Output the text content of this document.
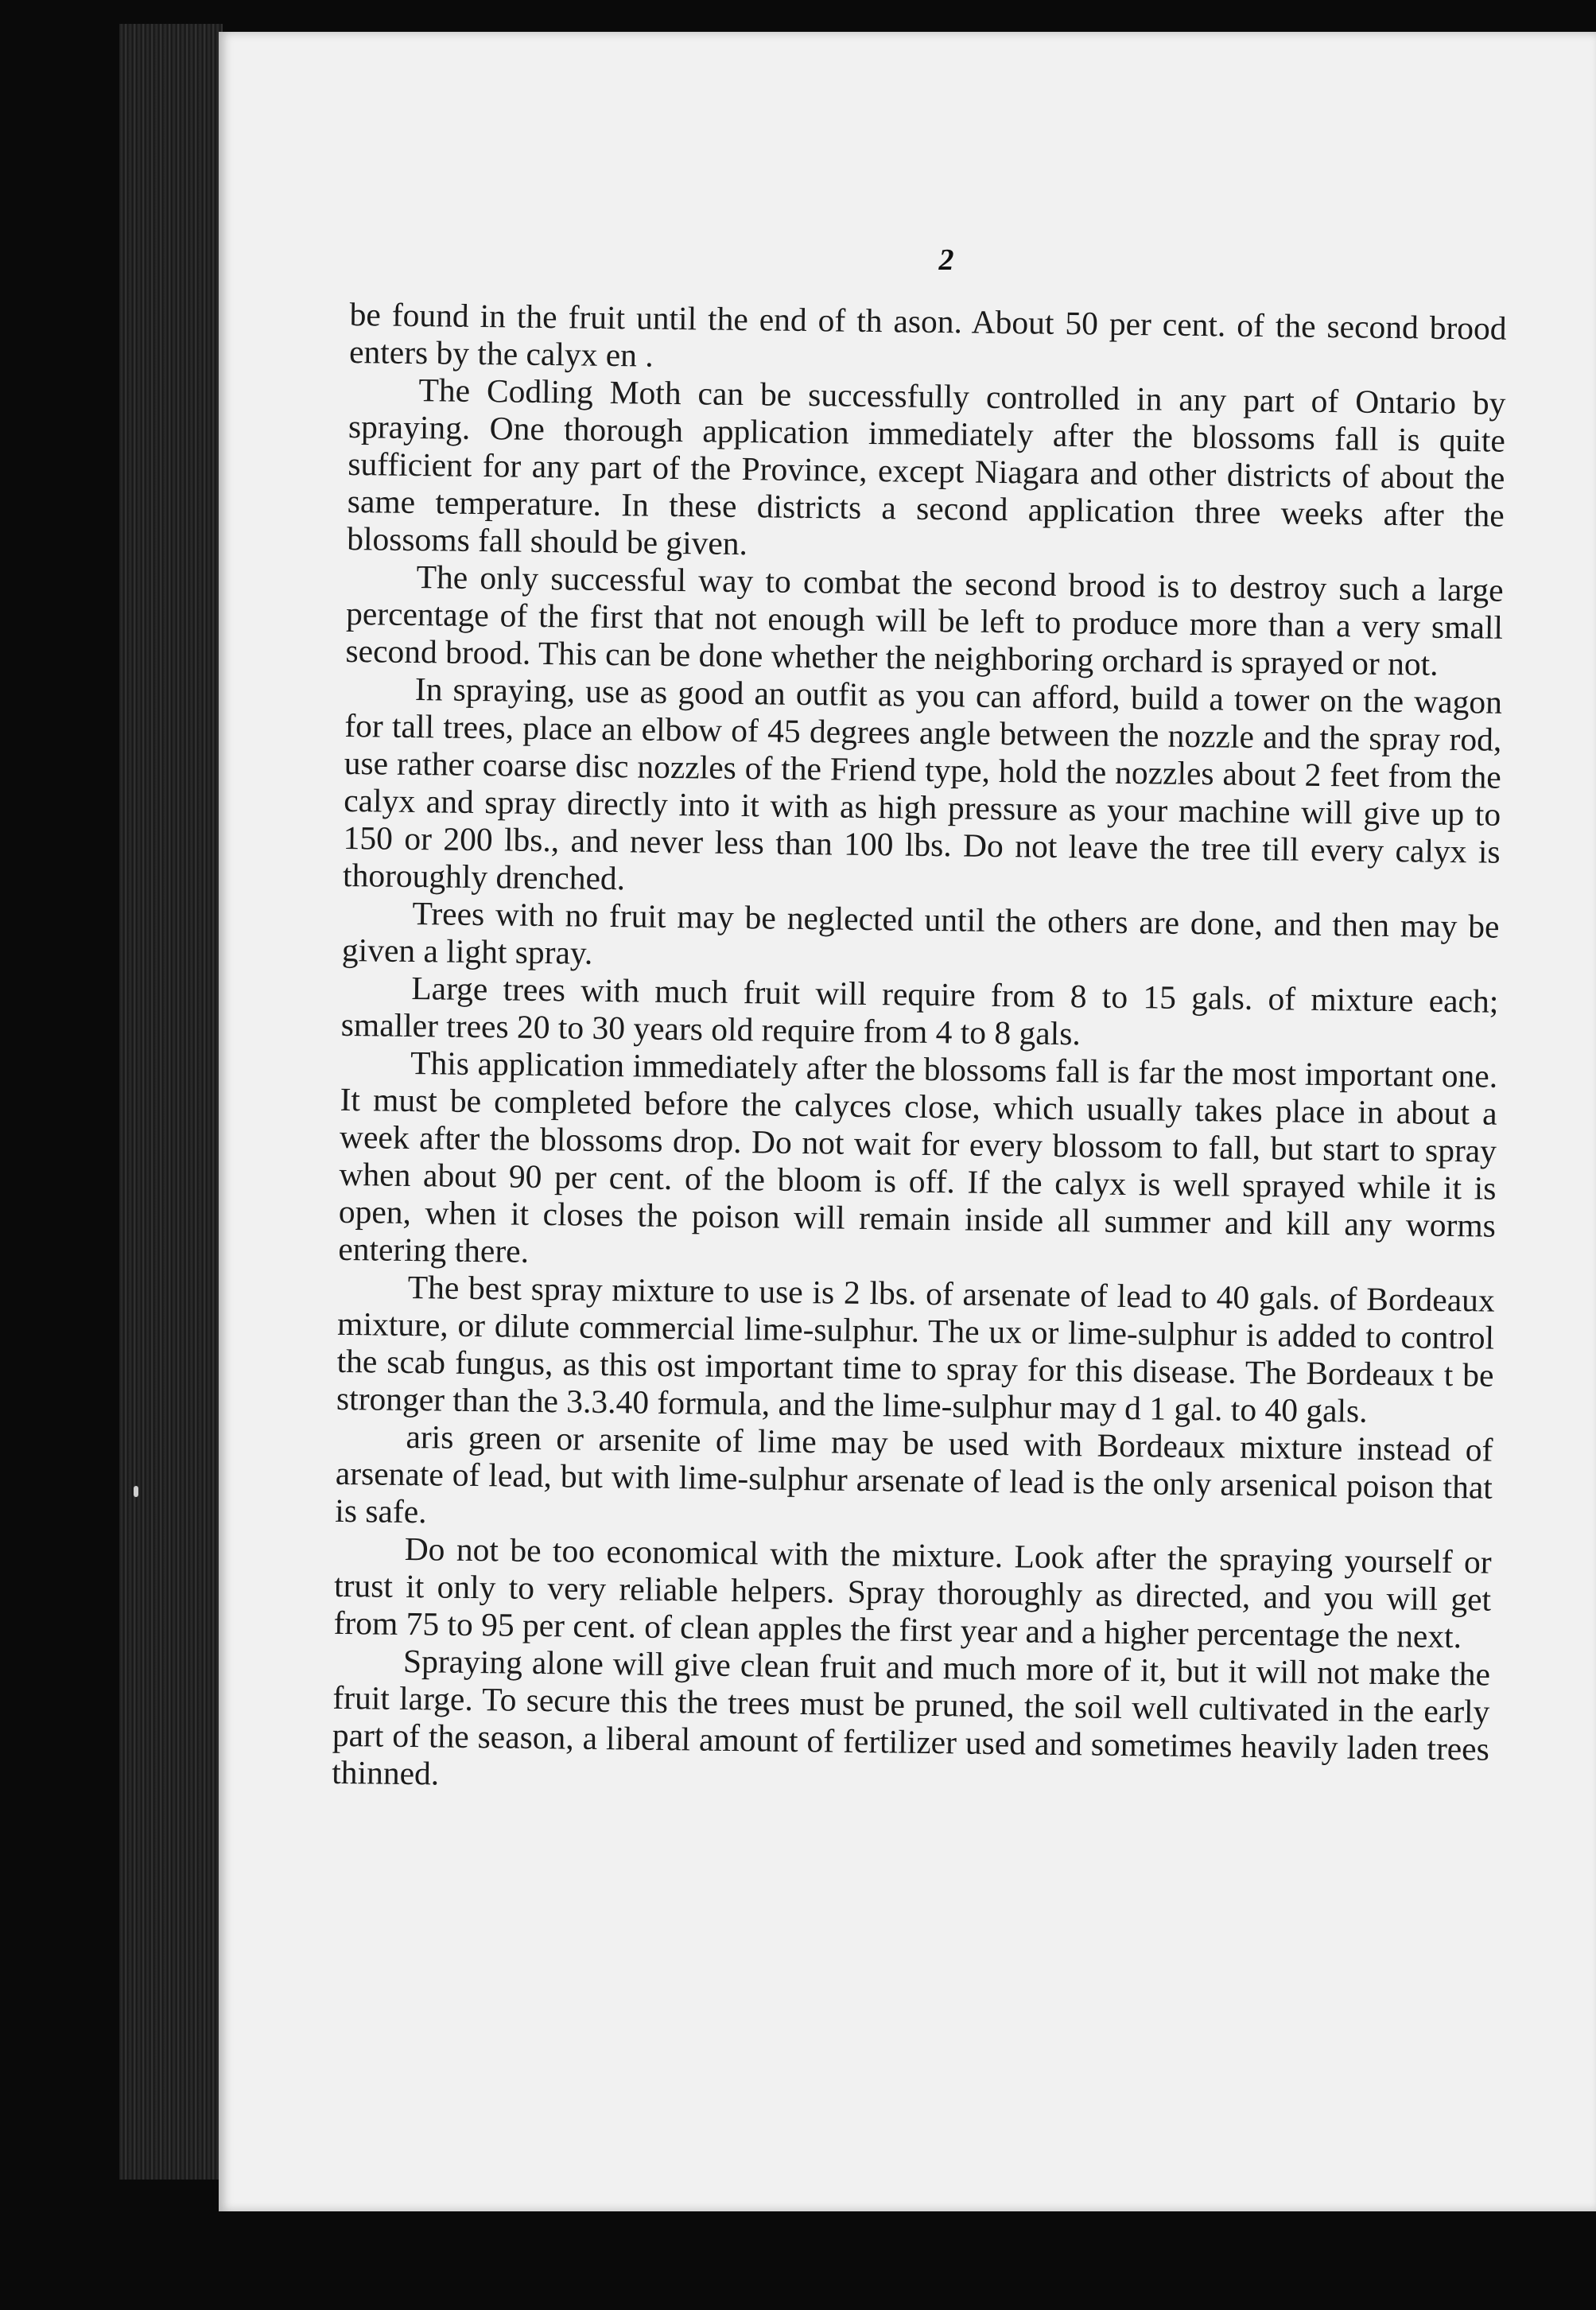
2

be found in the fruit until the end of th ason. About 50 per cent. of the second brood enters by the calyx en .

The Codling Moth can be successfully controlled in any part of Ontario by spraying. One thorough application immediately after the blossoms fall is quite sufficient for any part of the Province, except Niagara and other districts of about the same temperature. In these districts a second application three weeks after the blossoms fall should be given.

The only successful way to combat the second brood is to destroy such a large percentage of the first that not enough will be left to produce more than a very small second brood. This can be done whether the neighboring orchard is sprayed or not.

In spraying, use as good an outfit as you can afford, build a tower on the wagon for tall trees, place an elbow of 45 degrees angle between the nozzle and the spray rod, use rather coarse disc nozzles of the Friend type, hold the nozzles about 2 feet from the calyx and spray directly into it with as high pressure as your machine will give up to 150 or 200 lbs., and never less than 100 lbs. Do not leave the tree till every calyx is thoroughly drenched.

Trees with no fruit may be neglected until the others are done, and then may be given a light spray.

Large trees with much fruit will require from 8 to 15 gals. of mixture each; smaller trees 20 to 30 years old require from 4 to 8 gals.

This application immediately after the blossoms fall is far the most important one. It must be completed before the calyces close, which usually takes place in about a week after the blossoms drop. Do not wait for every blossom to fall, but start to spray when about 90 per cent. of the bloom is off. If the calyx is well sprayed while it is open, when it closes the poison will remain inside all summer and kill any worms entering there.

The best spray mixture to use is 2 lbs. of arsenate of lead to 40 gals. of Bordeaux mixture, or dilute commercial lime-sulphur. The ux or lime-sulphur is added to control the scab fungus, as this ost important time to spray for this disease. The Bordeaux t be stronger than the 3.3.40 formula, and the lime-sulphur may d 1 gal. to 40 gals.

aris green or arsenite of lime may be used with Bordeaux mixture instead of arsenate of lead, but with lime-sulphur arsenate of lead is the only arsenical poison that is safe.

Do not be too economical with the mixture. Look after the spraying yourself or trust it only to very reliable helpers. Spray thoroughly as directed, and you will get from 75 to 95 per cent. of clean apples the first year and a higher percentage the next.

Spraying alone will give clean fruit and much more of it, but it will not make the fruit large. To secure this the trees must be pruned, the soil well cultivated in the early part of the season, a liberal amount of fertilizer used and sometimes heavily laden trees thinned.
